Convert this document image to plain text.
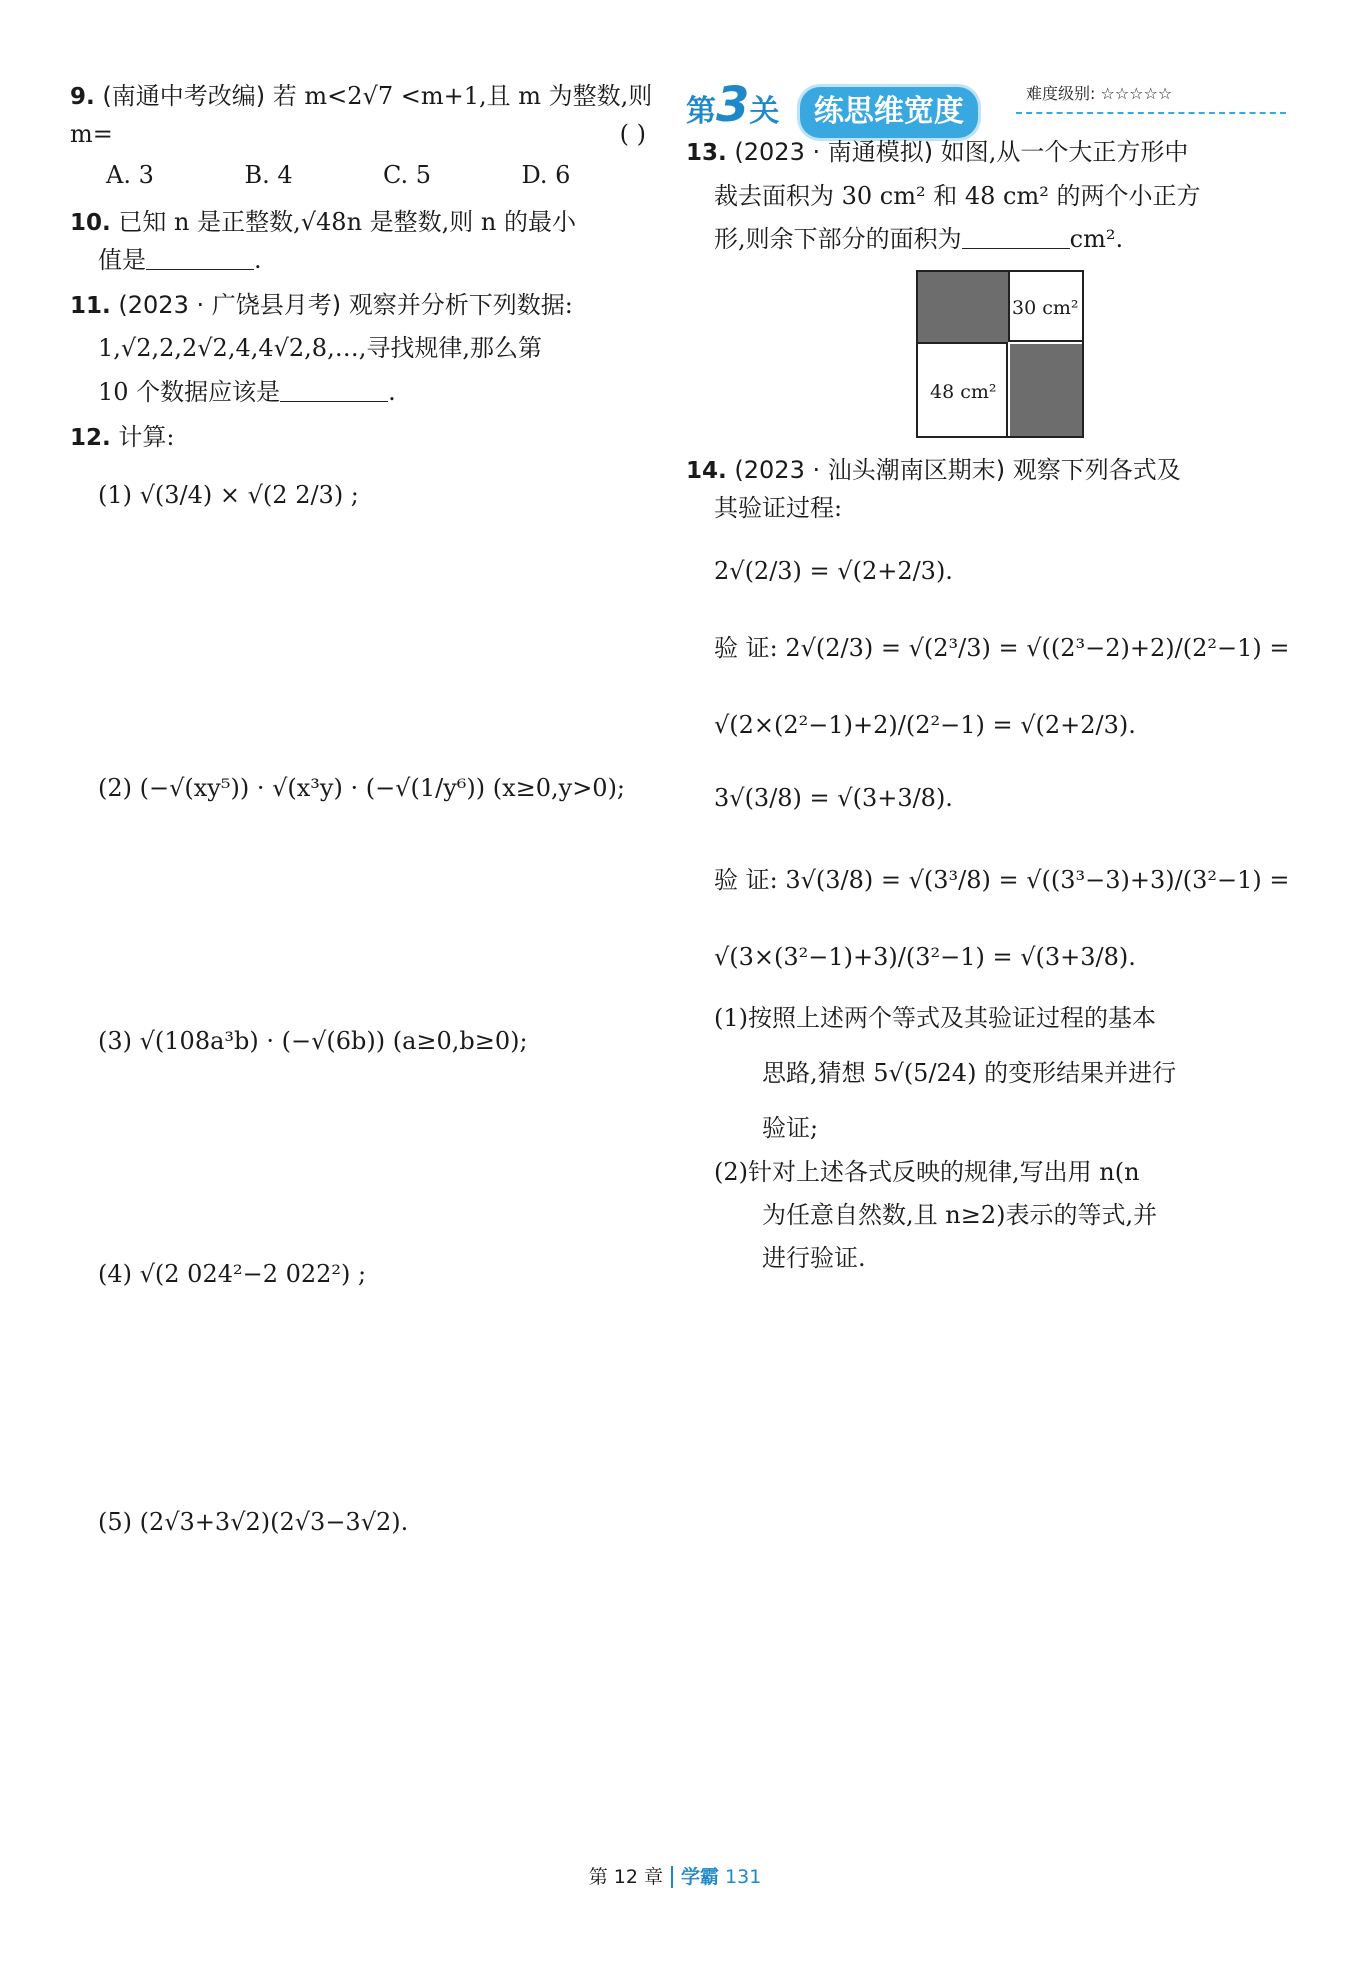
9. (南通中考改编) 若 m<2√7 <m+1,且 m 为整数,则 m=	( )
A. 3	B. 4	C. 5	D. 6
10. 已知 n 是正整数,√48n 是整数,则 n 的最小
值是	.
11. (2023 · 广饶县月考) 观察并分析下列数据:
1,√2,2,2√2,4,4√2,8,…,寻找规律,那么第
10 个数据应该是	.
12. 计算:
(1) √(3/4) × √(2 2/3) ;
(2) (−√(xy⁵)) · √(x³y) · (−√(1/y⁶)) (x≥0,y>0);
(3) √(108a³b) · (−√(6b)) (a≥0,b≥0);
(4) √(2 024²−2 022²) ;
(5) (2√3+3√2)(2√3−3√2).
第3关 练思维宽度
难度级别: ☆☆☆☆☆
13. (2023 · 南通模拟) 如图,从一个大正方形中
裁去面积为 30 cm² 和 48 cm² 的两个小正方
形,则余下部分的面积为	cm².
30 cm²
48 cm²
14. (2023 · 汕头潮南区期末) 观察下列各式及
其验证过程:
2√(2/3) = √(2+2/3).
验 证: 2√(2/3) = √(2³/3) = √((2³−2)+2)/(2²−1) =
√(2×(2²−1)+2)/(2²−1) = √(2+2/3).
3√(3/8) = √(3+3/8).
验 证: 3√(3/8) = √(3³/8) = √((3³−3)+3)/(3²−1) =
√(3×(3²−1)+3)/(3²−1) = √(3+3/8).
(1)按照上述两个等式及其验证过程的基本
思路,猜想 5√(5/24) 的变形结果并进行
验证;
(2)针对上述各式反映的规律,写出用 n(n
为任意自然数,且 n≥2)表示的等式,并
进行验证.
第 12 章 学霸 131
